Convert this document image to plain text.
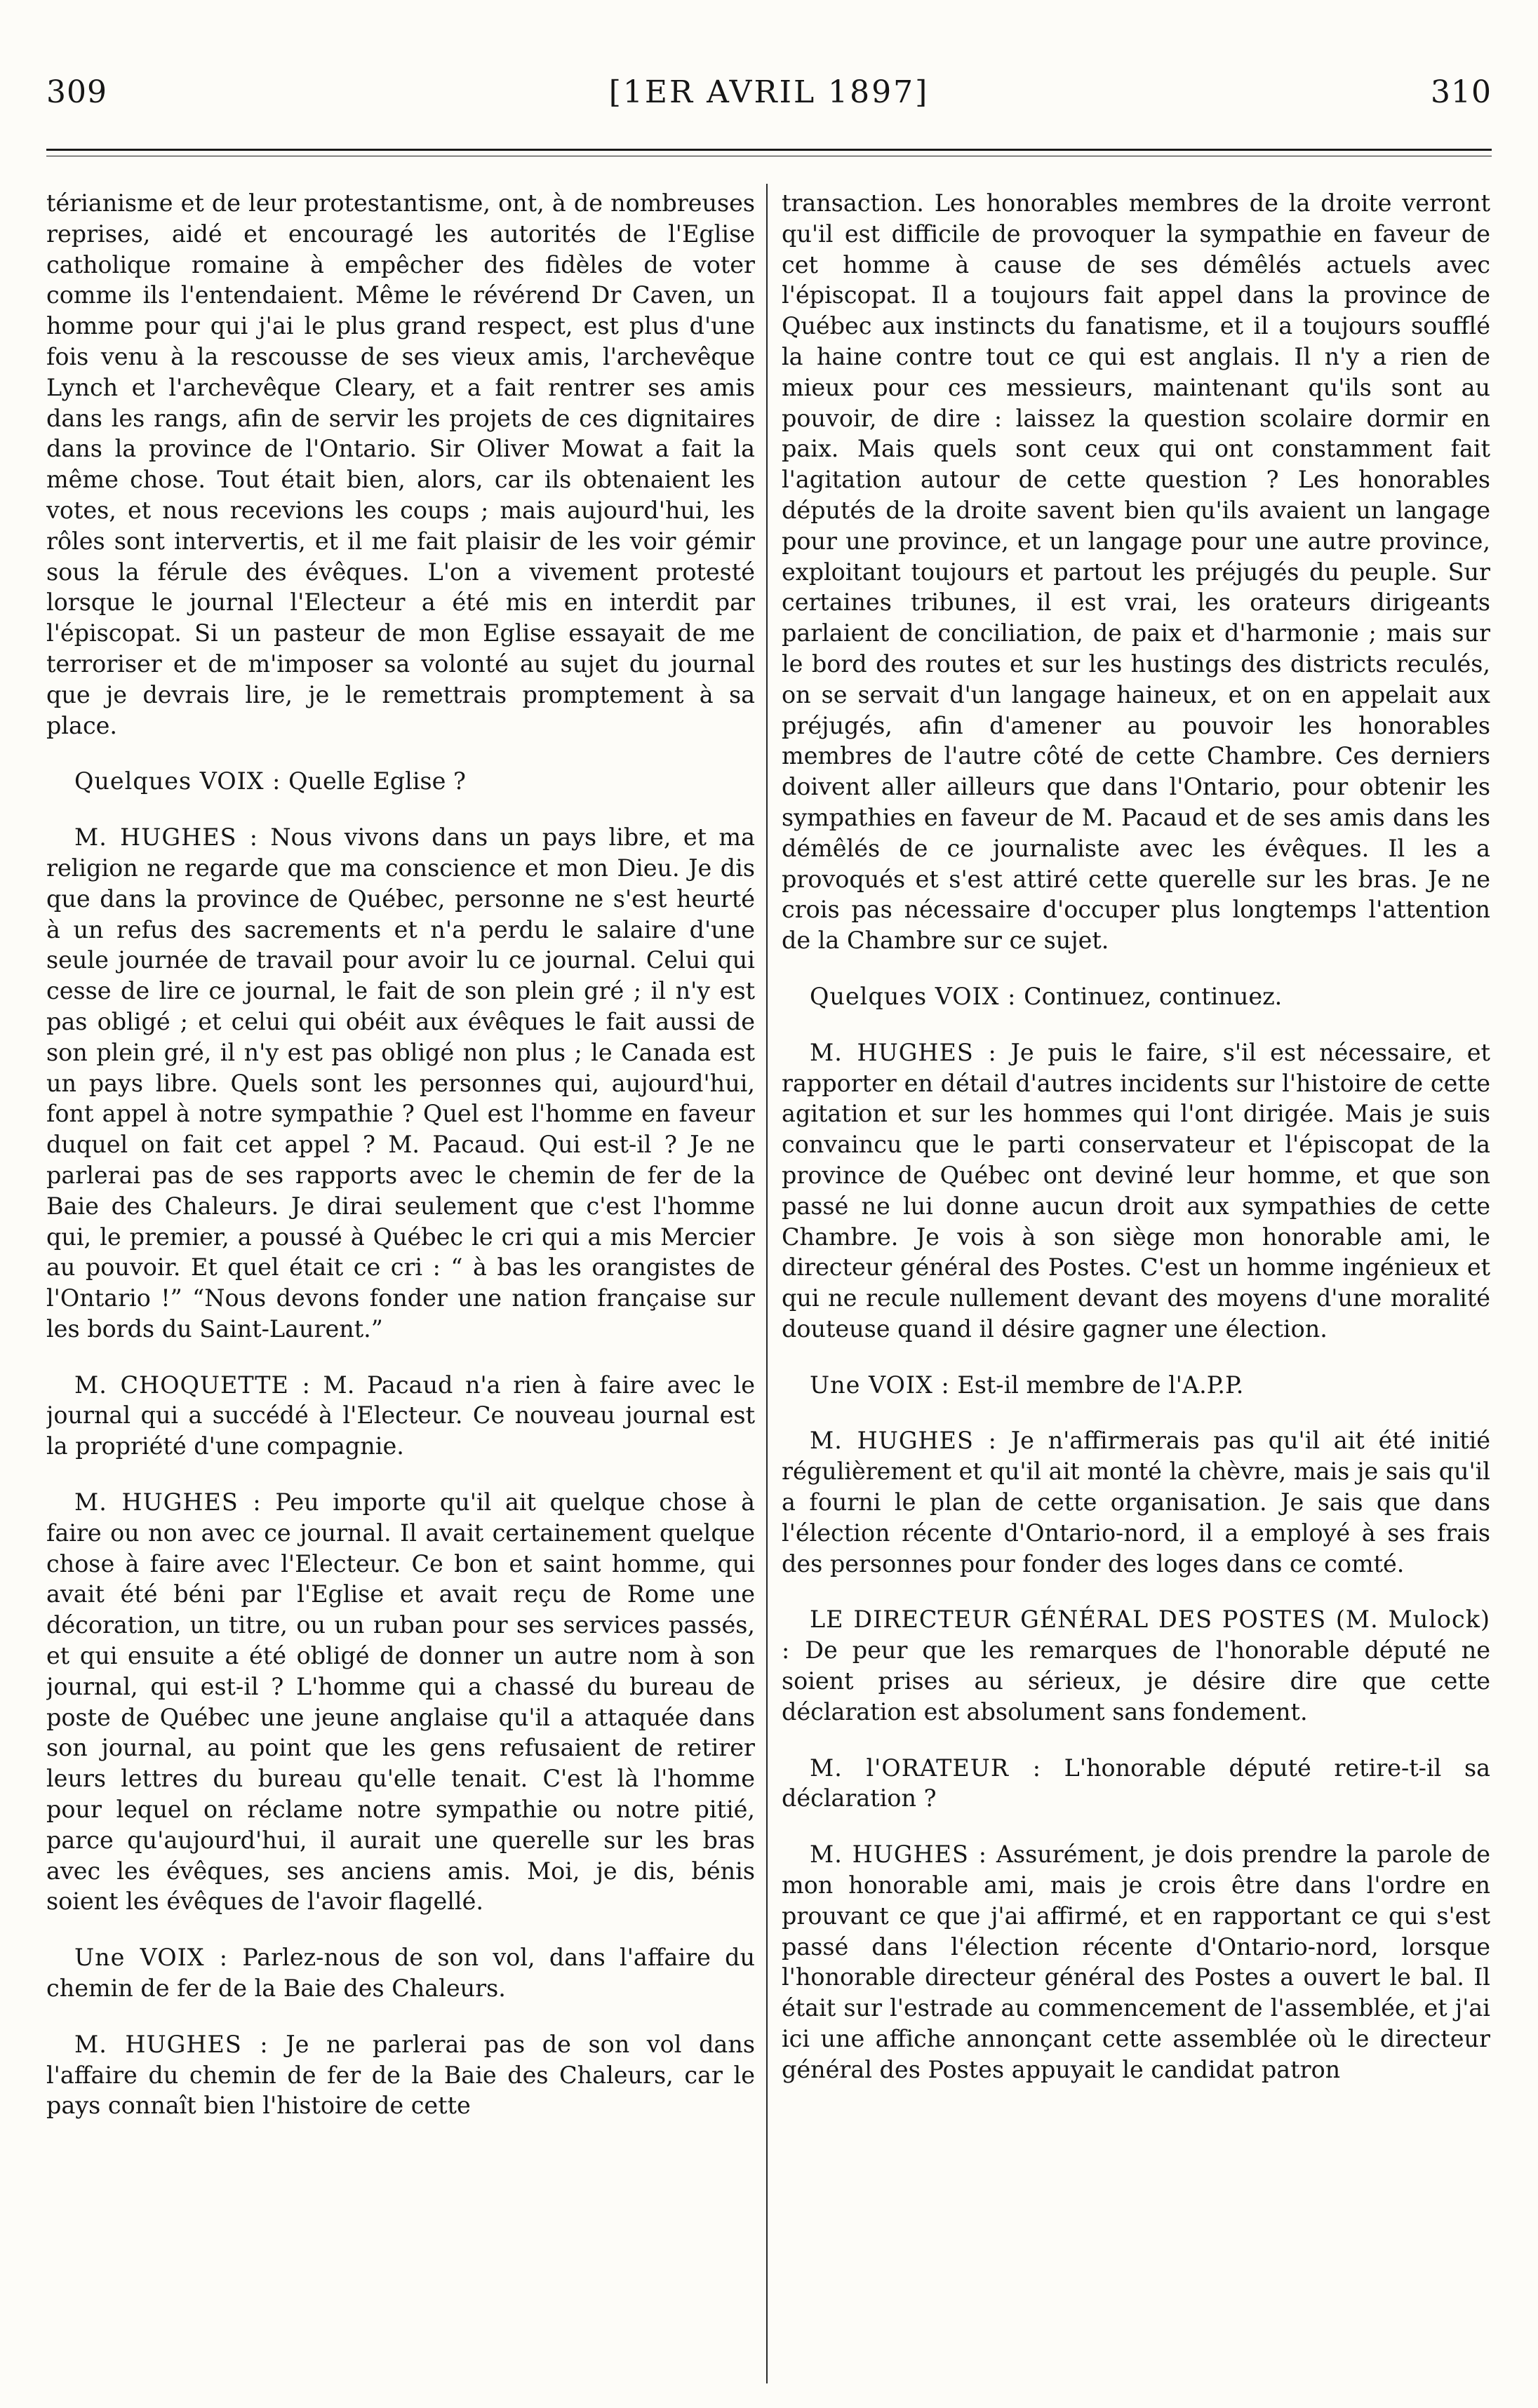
309	[1ER AVRIL 1897]	310

térianisme et de leur protestantisme, ont, à de nombreuses reprises, aidé et encouragé les autorités de l'Eglise catholique romaine à empêcher des fidèles de voter comme ils l'entendaient. Même le révérend Dr Caven, un homme pour qui j'ai le plus grand respect, est plus d'une fois venu à la rescousse de ses vieux amis, l'archevêque Lynch et l'archevêque Cleary, et a fait rentrer ses amis dans les rangs, afin de servir les projets de ces dignitaires dans la province de l'Ontario. Sir Oliver Mowat a fait la même chose. Tout était bien, alors, car ils obtenaient les votes, et nous recevions les coups ; mais aujourd'hui, les rôles sont intervertis, et il me fait plaisir de les voir gémir sous la férule des évêques. L'on a vivement protesté lorsque le journal l'Electeur a été mis en interdit par l'épiscopat. Si un pasteur de mon Eglise essayait de me terroriser et de m'imposer sa volonté au sujet du journal que je devrais lire, je le remettrais promptement à sa place.

Quelques VOIX : Quelle Eglise ?

M. HUGHES : Nous vivons dans un pays libre, et ma religion ne regarde que ma conscience et mon Dieu. Je dis que dans la province de Québec, personne ne s'est heurté à un refus des sacrements et n'a perdu le salaire d'une seule journée de travail pour avoir lu ce journal. Celui qui cesse de lire ce journal, le fait de son plein gré ; il n'y est pas obligé ; et celui qui obéit aux évêques le fait aussi de son plein gré, il n'y est pas obligé non plus ; le Canada est un pays libre. Quels sont les personnes qui, aujourd'hui, font appel à notre sympathie ? Quel est l'homme en faveur duquel on fait cet appel ? M. Pacaud. Qui est-il ? Je ne parlerai pas de ses rapports avec le chemin de fer de la Baie des Chaleurs. Je dirai seulement que c'est l'homme qui, le premier, a poussé à Québec le cri qui a mis Mercier au pouvoir. Et quel était ce cri : “ à bas les orangistes de l'Ontario !” “Nous devons fonder une nation française sur les bords du Saint-Laurent.”

M. CHOQUETTE : M. Pacaud n'a rien à faire avec le journal qui a succédé à l'Electeur. Ce nouveau journal est la propriété d'une compagnie.

M. HUGHES : Peu importe qu'il ait quelque chose à faire ou non avec ce journal. Il avait certainement quelque chose à faire avec l'Electeur. Ce bon et saint homme, qui avait été béni par l'Eglise et avait reçu de Rome une décoration, un titre, ou un ruban pour ses services passés, et qui ensuite a été obligé de donner un autre nom à son journal, qui est-il ? L'homme qui a chassé du bureau de poste de Québec une jeune anglaise qu'il a attaquée dans son journal, au point que les gens refusaient de retirer leurs lettres du bureau qu'elle tenait. C'est là l'homme pour lequel on réclame notre sympathie ou notre pitié, parce qu'aujourd'hui, il aurait une querelle sur les bras avec les évêques, ses anciens amis. Moi, je dis, bénis soient les évêques de l'avoir flagellé.

Une VOIX : Parlez-nous de son vol, dans l'affaire du chemin de fer de la Baie des Chaleurs.

M. HUGHES : Je ne parlerai pas de son vol dans l'affaire du chemin de fer de la Baie des Chaleurs, car le pays connaît bien l'histoire de cette

transaction. Les honorables membres de la droite verront qu'il est difficile de provoquer la sympathie en faveur de cet homme à cause de ses démêlés actuels avec l'épiscopat. Il a toujours fait appel dans la province de Québec aux instincts du fanatisme, et il a toujours soufflé la haine contre tout ce qui est anglais. Il n'y a rien de mieux pour ces messieurs, maintenant qu'ils sont au pouvoir, de dire : laissez la question scolaire dormir en paix. Mais quels sont ceux qui ont constamment fait l'agitation autour de cette question ? Les honorables députés de la droite savent bien qu'ils avaient un langage pour une province, et un langage pour une autre province, exploitant toujours et partout les préjugés du peuple. Sur certaines tribunes, il est vrai, les orateurs dirigeants parlaient de conciliation, de paix et d'harmonie ; mais sur le bord des routes et sur les hustings des districts reculés, on se servait d'un langage haineux, et on en appelait aux préjugés, afin d'amener au pouvoir les honorables membres de l'autre côté de cette Chambre. Ces derniers doivent aller ailleurs que dans l'Ontario, pour obtenir les sympathies en faveur de M. Pacaud et de ses amis dans les démêlés de ce journaliste avec les évêques. Il les a provoqués et s'est attiré cette querelle sur les bras. Je ne crois pas nécessaire d'occuper plus longtemps l'attention de la Chambre sur ce sujet.

Quelques VOIX : Continuez, continuez.

M. HUGHES : Je puis le faire, s'il est nécessaire, et rapporter en détail d'autres incidents sur l'histoire de cette agitation et sur les hommes qui l'ont dirigée. Mais je suis convaincu que le parti conservateur et l'épiscopat de la province de Québec ont deviné leur homme, et que son passé ne lui donne aucun droit aux sympathies de cette Chambre. Je vois à son siège mon honorable ami, le directeur général des Postes. C'est un homme ingénieux et qui ne recule nullement devant des moyens d'une moralité douteuse quand il désire gagner une élection.

Une VOIX : Est-il membre de l'A.P.P.

M. HUGHES : Je n'affirmerais pas qu'il ait été initié régulièrement et qu'il ait monté la chèvre, mais je sais qu'il a fourni le plan de cette organisation. Je sais que dans l'élection récente d'Ontario-nord, il a employé à ses frais des personnes pour fonder des loges dans ce comté.

LE DIRECTEUR GÉNÉRAL DES POSTES (M. Mulock) : De peur que les remarques de l'honorable député ne soient prises au sérieux, je désire dire que cette déclaration est absolument sans fondement.

M. l'ORATEUR : L'honorable député retire-t-il sa déclaration ?

M. HUGHES : Assurément, je dois prendre la parole de mon honorable ami, mais je crois être dans l'ordre en prouvant ce que j'ai affirmé, et en rapportant ce qui s'est passé dans l'élection récente d'Ontario-nord, lorsque l'honorable directeur général des Postes a ouvert le bal. Il était sur l'estrade au commencement de l'assemblée, et j'ai ici une affiche annonçant cette assemblée où le directeur général des Postes appuyait le candidat patron
